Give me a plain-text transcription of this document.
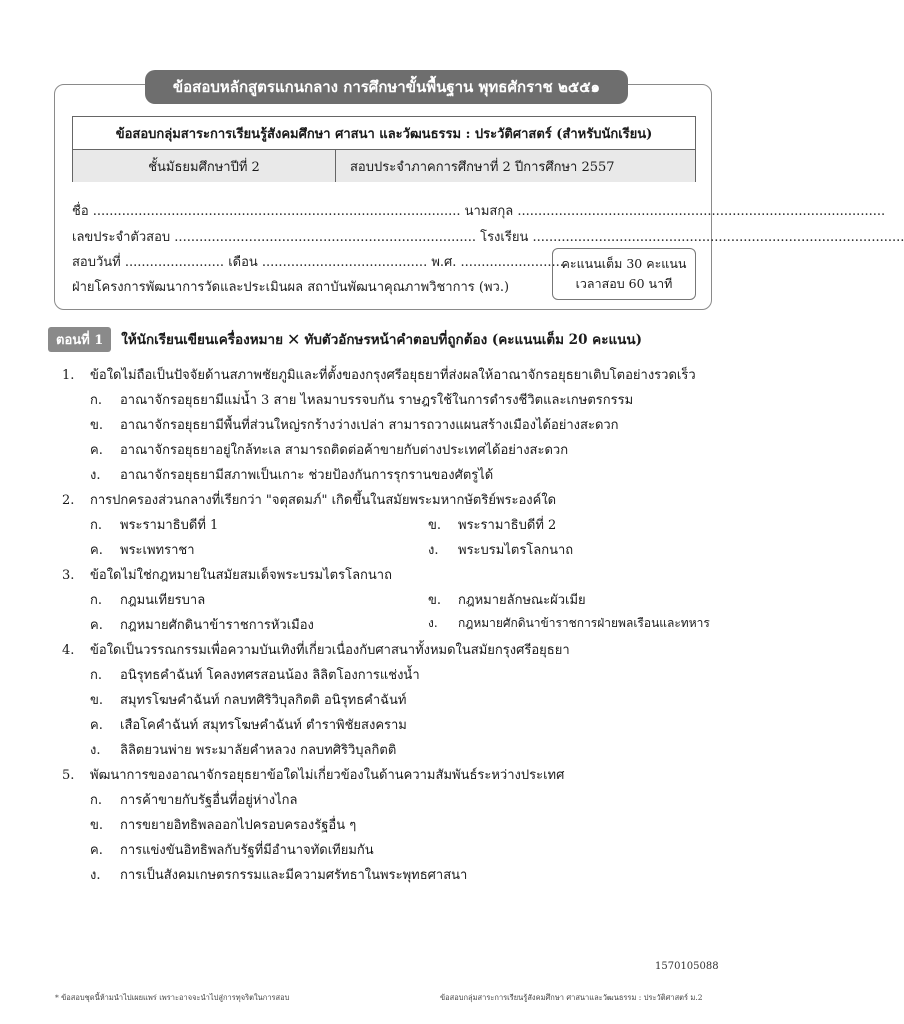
ข้อสอบหลักสูตรแกนกลาง การศึกษาขั้นพื้นฐาน พุทธศักราช ๒๕๕๑
ข้อสอบกลุ่มสาระการเรียนรู้สังคมศึกษา ศาสนา และวัฒนธรรม : ประวัติศาสตร์ (สำหรับนักเรียน)
ชั้นมัธยมศึกษาปีที่ 2	สอบประจำภาคการศึกษาที่ 2 ปีการศึกษา 2557
ชื่อ ......................................................................................... นามสกุล .........................................................................................
เลขประจำตัวสอบ ......................................................................... โรงเรียน ..........................................................................................
สอบวันที่ ........................ เดือน ........................................ พ.ศ. .........................
ฝ่ายโครงการพัฒนาการวัดและประเมินผล สถาบันพัฒนาคุณภาพวิชาการ (พว.)
คะแนนเต็ม 30 คะแนน
เวลาสอบ 60 นาที
ตอนที่ 1	ให้นักเรียนเขียนเครื่องหมาย ✕ ทับตัวอักษรหน้าคำตอบที่ถูกต้อง (คะแนนเต็ม 20 คะแนน)
1. ข้อใดไม่ถือเป็นปัจจัยด้านสภาพชัยภูมิและที่ตั้งของกรุงศรีอยุธยาที่ส่งผลให้อาณาจักรอยุธยาเติบโตอย่างรวดเร็ว
ก. อาณาจักรอยุธยามีแม่น้ำ 3 สาย ไหลมาบรรจบกัน ราษฎรใช้ในการดำรงชีวิตและเกษตรกรรม
ข. อาณาจักรอยุธยามีพื้นที่ส่วนใหญ่รกร้างว่างเปล่า สามารถวางแผนสร้างเมืองได้อย่างสะดวก
ค. อาณาจักรอยุธยาอยู่ใกล้ทะเล สามารถติดต่อค้าขายกับต่างประเทศได้อย่างสะดวก
ง. อาณาจักรอยุธยามีสภาพเป็นเกาะ ช่วยป้องกันการรุกรานของศัตรูได้
2. การปกครองส่วนกลางที่เรียกว่า "จตุสดมภ์" เกิดขึ้นในสมัยพระมหากษัตริย์พระองค์ใด
ก. พระรามาธิบดีที่ 1	ข. พระรามาธิบดีที่ 2
ค. พระเพทราชา	ง. พระบรมไตรโลกนาถ
3. ข้อใดไม่ใช่กฎหมายในสมัยสมเด็จพระบรมไตรโลกนาถ
ก. กฎมนเทียรบาล	ข. กฎหมายลักษณะผัวเมีย
ค. กฎหมายศักดินาข้าราชการหัวเมือง	ง. กฎหมายศักดินาข้าราชการฝ่ายพลเรือนและทหาร
4. ข้อใดเป็นวรรณกรรมเพื่อความบันเทิงที่เกี่ยวเนื่องกับศาสนาทั้งหมดในสมัยกรุงศรีอยุธยา
ก. อนิรุทธคำฉันท์ โคลงทศรสอนน้อง ลิลิตโองการแช่งน้ำ
ข. สมุทรโฆษคำฉันท์ กลบทศิริวิบุลกิตติ อนิรุทธคำฉันท์
ค. เสือโคคำฉันท์ สมุทรโฆษคำฉันท์ ตำราพิชัยสงคราม
ง. ลิลิตยวนพ่าย พระมาลัยคำหลวง กลบทศิริวิบุลกิตติ
5. พัฒนาการของอาณาจักรอยุธยาข้อใดไม่เกี่ยวข้องในด้านความสัมพันธ์ระหว่างประเทศ
ก. การค้าขายกับรัฐอื่นที่อยู่ห่างไกล
ข. การขยายอิทธิพลออกไปครอบครองรัฐอื่น ๆ
ค. การแข่งขันอิทธิพลกับรัฐที่มีอำนาจทัดเทียมกัน
ง. การเป็นสังคมเกษตรกรรมและมีความศรัทธาในพระพุทธศาสนา
1570105088
* ข้อสอบชุดนี้ห้ามนำไปเผยแพร่ เพราะอาจจะนำไปสู่การทุจริตในการสอบ	ข้อสอบกลุ่มสาระการเรียนรู้สังคมศึกษา ศาสนาและวัฒนธรรม : ประวัติศาสตร์ ม.2
